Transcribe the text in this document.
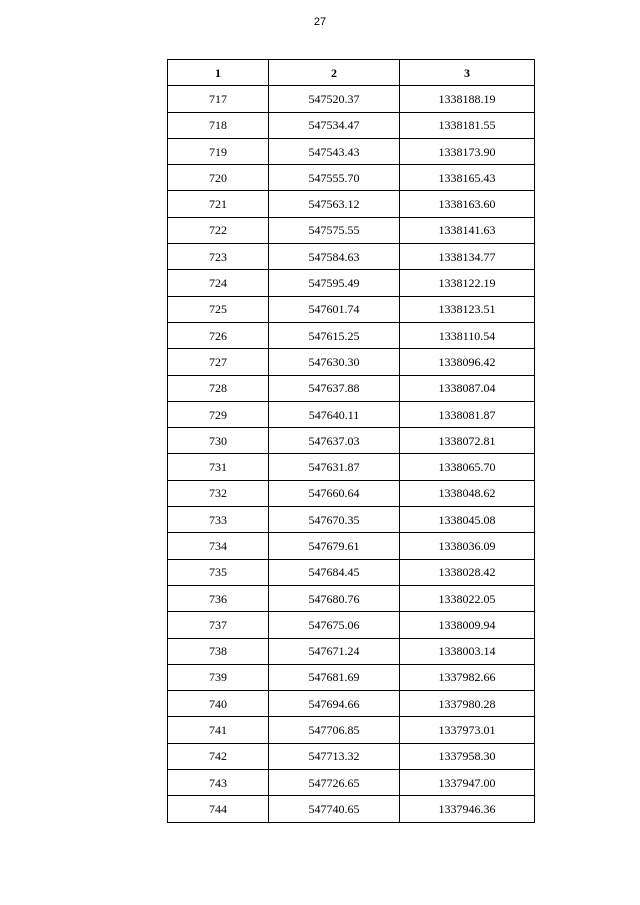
27
1	2	3
717	547520.37	1338188.19
718	547534.47	1338181.55
719	547543.43	1338173.90
720	547555.70	1338165.43
721	547563.12	1338163.60
722	547575.55	1338141.63
723	547584.63	1338134.77
724	547595.49	1338122.19
725	547601.74	1338123.51
726	547615.25	1338110.54
727	547630.30	1338096.42
728	547637.88	1338087.04
729	547640.11	1338081.87
730	547637.03	1338072.81
731	547631.87	1338065.70
732	547660.64	1338048.62
733	547670.35	1338045.08
734	547679.61	1338036.09
735	547684.45	1338028.42
736	547680.76	1338022.05
737	547675.06	1338009.94
738	547671.24	1338003.14
739	547681.69	1337982.66
740	547694.66	1337980.28
741	547706.85	1337973.01
742	547713.32	1337958.30
743	547726.65	1337947.00
744	547740.65	1337946.36
